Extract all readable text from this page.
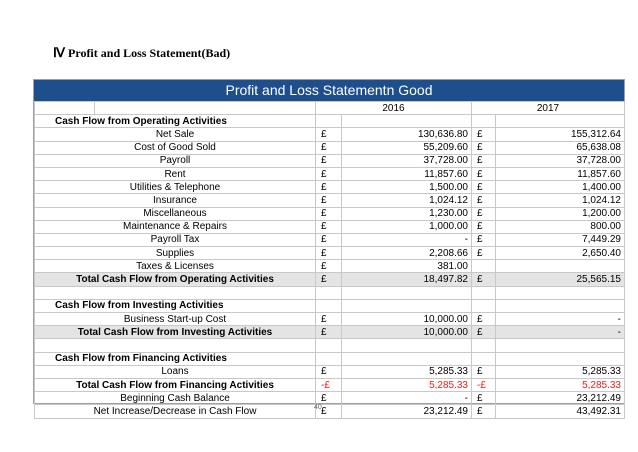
Ⅳ Profit and Loss Statement(Bad)
Profit and Loss Statementn Good
		2016		2017	
Cash Flow from Operating Activities					
Net Sale		£	130,636.80	£	155,312.64
Cost of Good Sold		£	55,209.60	£	65,638.08
Payroll		£	37,728.00	£	37,728.00
Rent		£	11,857.60	£	11,857.60
Utilities & Telephone		£	1,500.00	£	1,400.00
Insurance		£	1,024.12	£	1,024.12
Miscellaneous		£	1,230.00	£	1,200.00
Maintenance & Repairs		£	1,000.00	£	800.00
Payroll Tax		£	-	£	7,449.29
Supplies		£	2,208.66	£	2,650.40
Taxes & Licenses		£	381.00		
Total Cash Flow from Operating Activities		£	18,497.82	£	25,565.15

Cash Flow from Investing Activities					
Business Start-up Cost		£	10,000.00	£	-
Total Cash Flow from Investing Activities		£	10,000.00	£	-

Cash Flow from Financing Activities					
Loans		£	5,285.33	£	5,285.33
Total Cash Flow from Financing Activities		-£	5,285.33	-£	5,285.33
Beginning Cash Balance		£	-	£	23,212.49
Net Increase/Decrease in Cash Flow		£	23,212.49	£	43,492.31
40
